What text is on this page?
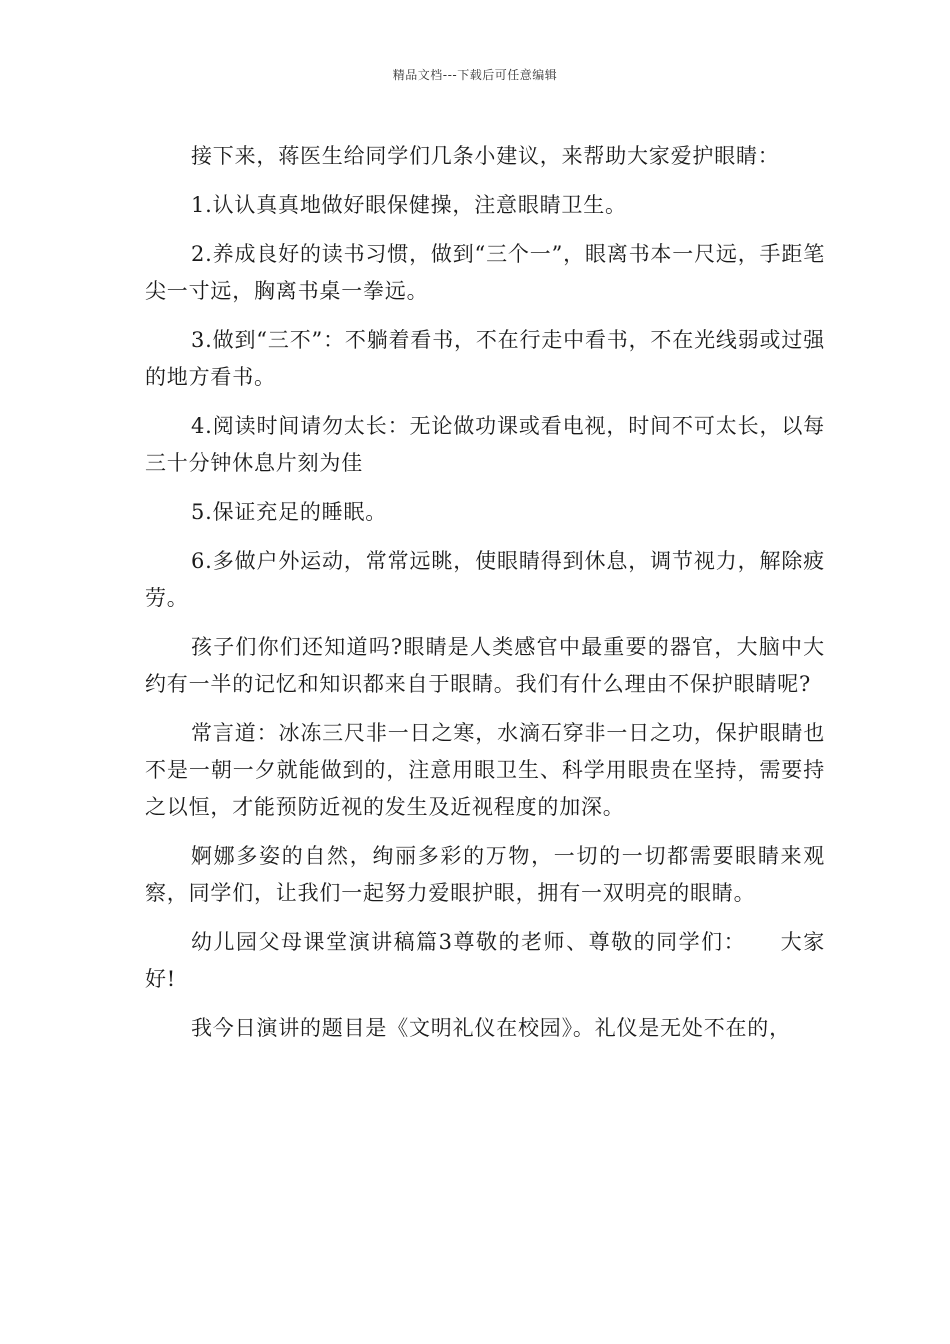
精品文档---下载后可任意编辑

接下来，蒋医生给同学们几条小建议，来帮助大家爱护眼睛：

1.认认真真地做好眼保健操，注意眼睛卫生。

2.养成良好的读书习惯，做到“三个一”，眼离书本一尺远，手距笔尖一寸远，胸离书桌一拳远。

3.做到“三不”：不躺着看书，不在行走中看书，不在光线弱或过强的地方看书。

4.阅读时间请勿太长：无论做功课或看电视，时间不可太长，以每三十分钟休息片刻为佳

5.保证充足的睡眠。

6.多做户外运动，常常远眺，使眼睛得到休息，调节视力，解除疲劳。

孩子们你们还知道吗?眼睛是人类感官中最重要的器官，大脑中大约有一半的记忆和知识都来自于眼睛。我们有什么理由不保护眼睛呢?

常言道：冰冻三尺非一日之寒，水滴石穿非一日之功，保护眼睛也不是一朝一夕就能做到的，注意用眼卫生、科学用眼贵在坚持，需要持之以恒，才能预防近视的发生及近视程度的加深。

婀娜多姿的自然，绚丽多彩的万物，一切的一切都需要眼睛来观察，同学们，让我们一起努力爱眼护眼，拥有一双明亮的眼睛。

幼儿园父母课堂演讲稿篇3尊敬的老师、尊敬的同学们：　　大家好!

我今日演讲的题目是《文明礼仪在校园》。礼仪是无处不在的，
